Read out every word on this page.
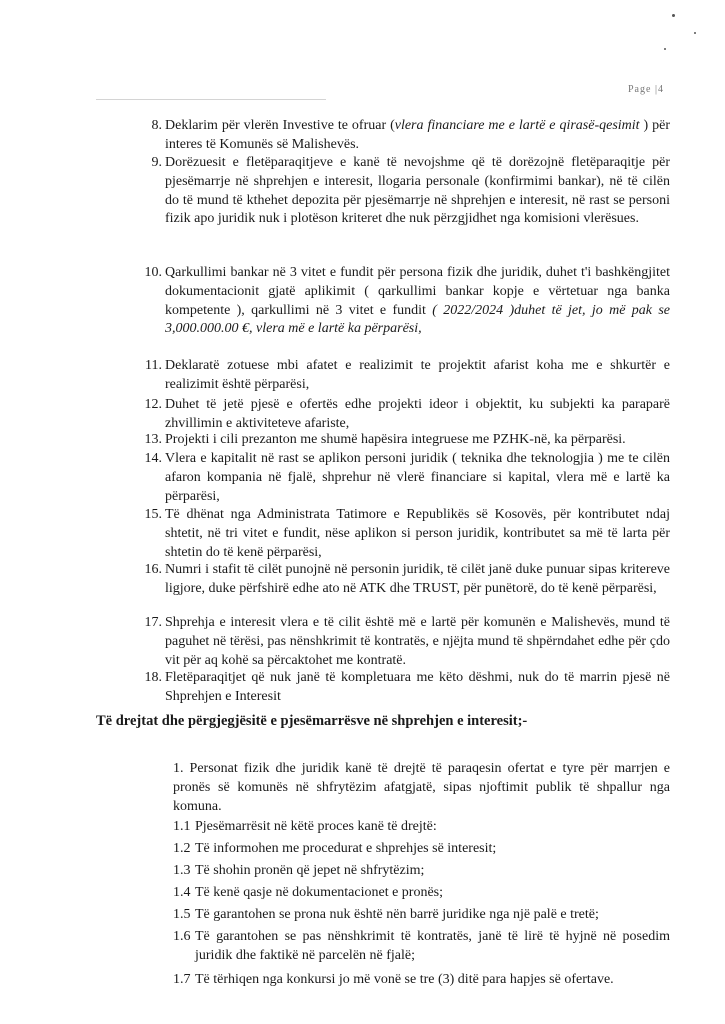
Page |4
8. Deklarim për vlerën Investive te ofruar (vlera financiare me e lartë e qirasë-qesimit ) për interes të Komunës së Malishevës.
9. Dorëzuesit e fletëparaqitjeve e kanë të nevojshme që të dorëzojnë fletëparaqitje për pjesëmarrje në shprehjen e interesit, llogaria personale (konfirmimi bankar), në të cilën do të mund të kthehet depozita për pjesëmarrje në shprehjen e interesit, në rast se personi fizik apo juridik nuk i plotëson kriteret dhe nuk përzgjidhet nga komisioni vlerësues.
10. Qarkullimi bankar në 3 vitet e fundit për persona fizik dhe juridik, duhet t'i bashkëngjitet dokumentacionit gjatë aplikimit ( qarkullimi bankar kopje e vërtetuar nga banka kompetente ), qarkullimi në 3 vitet e fundit ( 2022/2024 )duhet të jet, jo më pak se 3,000.000.00 €, vlera më e lartë ka përparësi,
11. Deklaratë zotuese mbi afatet e realizimit te projektit afarist koha me e shkurtër e realizimit është përparësi,
12. Duhet të jetë pjesë e ofertës edhe projekti ideor i objektit, ku subjekti ka paraparë zhvillimin e aktiviteteve afariste,
13. Projekti i cili prezanton me shumë hapësira integruese me PZHK-në, ka përparësi.
14. Vlera e kapitalit në rast se aplikon personi juridik ( teknika dhe teknologjia ) me te cilën afaron kompania në fjalë, shprehur në vlerë financiare si kapital, vlera më e lartë ka përparësi,
15. Të dhënat nga Administrata Tatimore e Republikës së Kosovës, për kontributet ndaj shtetit, në tri vitet e fundit, nëse aplikon si person juridik, kontributet sa më të larta për shtetin do të kenë përparësi,
16. Numri i stafit të cilët punojnë në personin juridik, të cilët janë duke punuar sipas kritereve ligjore, duke përfshirë edhe ato në ATK dhe TRUST, për punëtorë, do të kenë përparësi,
17. Shprehja e interesit vlera e të cilit është më e lartë për komunën e Malishevës, mund të paguhet në tërësi, pas nënshkrimit të kontratës, e njëjta mund të shpërndahet edhe për çdo vit për aq kohë sa përcaktohet me kontratë.
18. Fletëparaqitjet që nuk janë të kompletuara me këto dëshmi, nuk do të marrin pjesë në Shprehjen e Interesit
Të drejtat dhe përgjegjësitë e pjesëmarrësve në shprehjen e interesit;-
1. Personat fizik dhe juridik kanë të drejtë të paraqesin ofertat e tyre për marrjen e pronës së komunës në shfrytëzim afatgjatë, sipas njoftimit publik të shpallur nga komuna.
1.1 Pjesëmarrësit në këtë proces kanë të drejtë:
1.2 Të informohen me procedurat e shprehjes së interesit;
1.3 Të shohin pronën që jepet në shfrytëzim;
1.4 Të kenë qasje në dokumentacionet e pronës;
1.5 Të garantohen se prona nuk është nën barrë juridike nga një palë e tretë;
1.6 Të garantohen se pas nënshkrimit të kontratës, janë të lirë të hyjnë në posedim juridik dhe faktikë në parcelën në fjalë;
1.7 Të tërhiqen nga konkursi jo më vonë se tre (3) ditë para hapjes së ofertave.
